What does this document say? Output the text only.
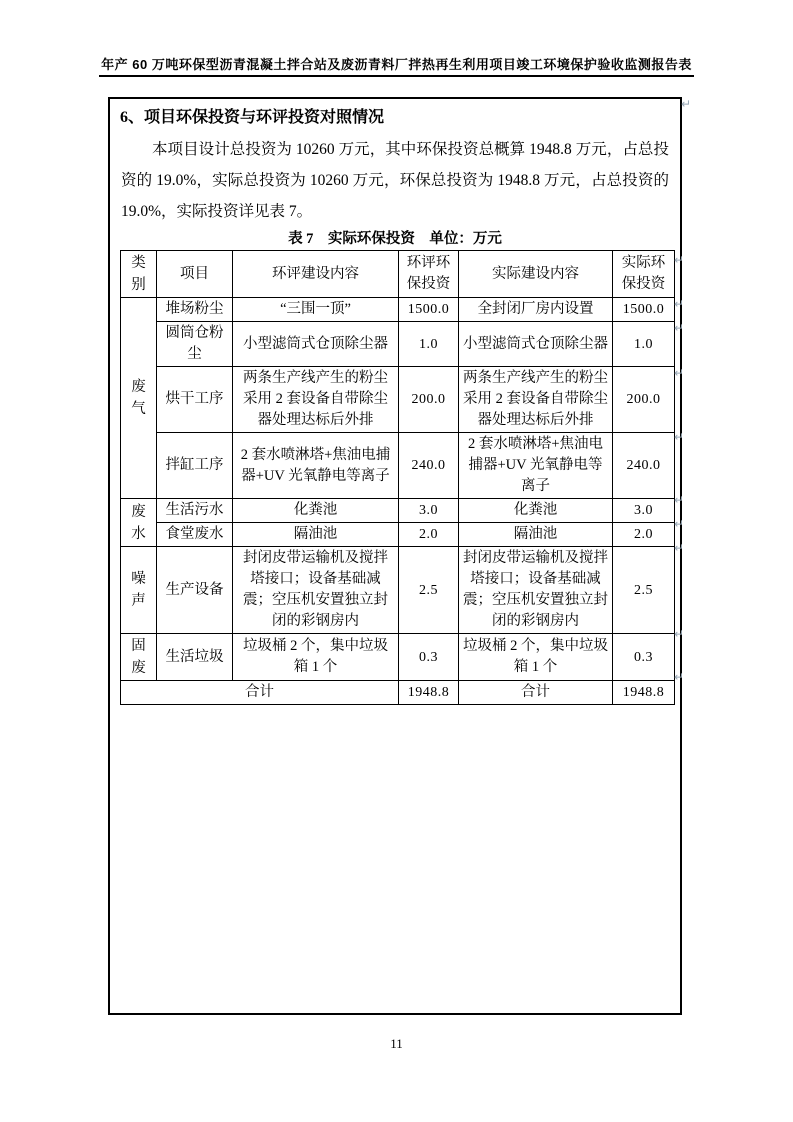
年产 60 万吨环保型沥青混凝土拌合站及废沥青料厂拌热再生利用项目竣工环境保护验收监测报告表

6、项目环保投资与环评投资对照情况

本项目设计总投资为 10260 万元，其中环保投资总概算 1948.8 万元，占总投资的 19.0%，实际总投资为 10260 万元，环保总投资为 1948.8 万元，占总投资的 19.0%，实际投资详见表 7。

表 7　实际环保投资　单位：万元

类别	项目	环评建设内容	环评环保投资	实际建设内容	实际环保投资
废气	堆场粉尘	“三围一顶”	1500.0	全封闭厂房内设置	1500.0
	圆筒仓粉尘	小型滤筒式仓顶除尘器	1.0	小型滤筒式仓顶除尘器	1.0
	烘干工序	两条生产线产生的粉尘采用 2 套设备自带除尘器处理达标后外排	200.0	两条生产线产生的粉尘采用 2 套设备自带除尘器处理达标后外排	200.0
	拌缸工序	2 套水喷淋塔+焦油电捕器+UV 光氧静电等离子	240.0	2 套水喷淋塔+焦油电捕器+UV 光氧静电等离子	240.0
废水	生活污水	化粪池	3.0	化粪池	3.0
	食堂废水	隔油池	2.0	隔油池	2.0
噪声	生产设备	封闭皮带运输机及搅拌塔接口；设备基础减震；空压机安置独立封闭的彩钢房内	2.5	封闭皮带运输机及搅拌塔接口；设备基础减震；空压机安置独立封闭的彩钢房内	2.5
固废	生活垃圾	垃圾桶 2 个，集中垃圾箱 1 个	0.3	垃圾桶 2 个，集中垃圾箱 1 个	0.3
合计			1948.8	合计	1948.8
↵
↵
↵
↵
↵
↵
↵
↵
↵
↵
↵
11
